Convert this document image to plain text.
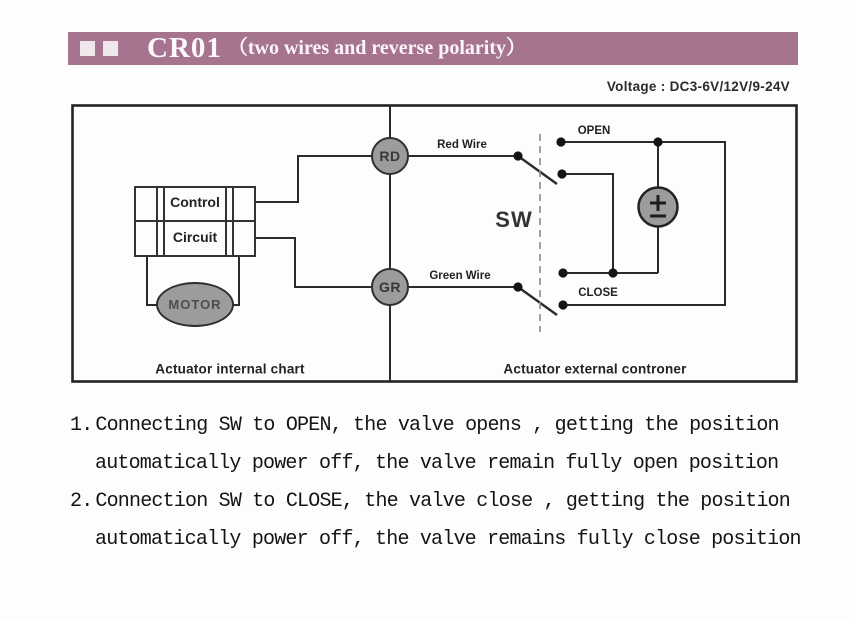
CR01 （two wires and reverse polarity）
Voltage : DC3-6V/12V/9-24V
Control
Circuit
MOTOR
RD
GR
Red Wire
Green Wire
OPEN
CLOSE
SW
Actuator internal chart	Actuator external controner
1. Connecting SW to OPEN, the valve opens , getting the position
automatically power off, the valve remain fully open position
2. Connection SW to CLOSE, the valve close , getting the position
automatically power off, the valve remains fully close position
